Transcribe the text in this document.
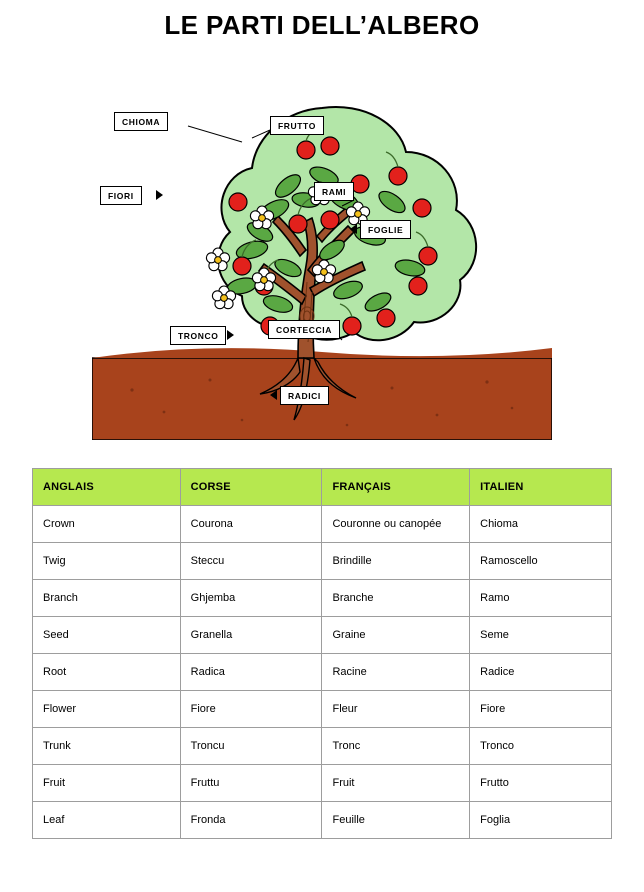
LE PARTI DELL’ALBERO
CHIOMA	FRUTTO
FIORI	RAMI
FOGLIE
TRONCO
CORTECCIA
RADICI
ANGLAIS	CORSE	FRANÇAIS	ITALIEN
Crown	Courona	Couronne ou canopée	Chioma
Twig	Steccu	Brindille	Ramoscello
Branch	Ghjemba	Branche	Ramo
Seed	Granella	Graine	Seme
Root	Radica	Racine	Radice
Flower	Fiore	Fleur	Fiore
Trunk	Troncu	Tronc	Tronco
Fruit	Fruttu	Fruit	Frutto
Leaf	Fronda	Feuille	Foglia
